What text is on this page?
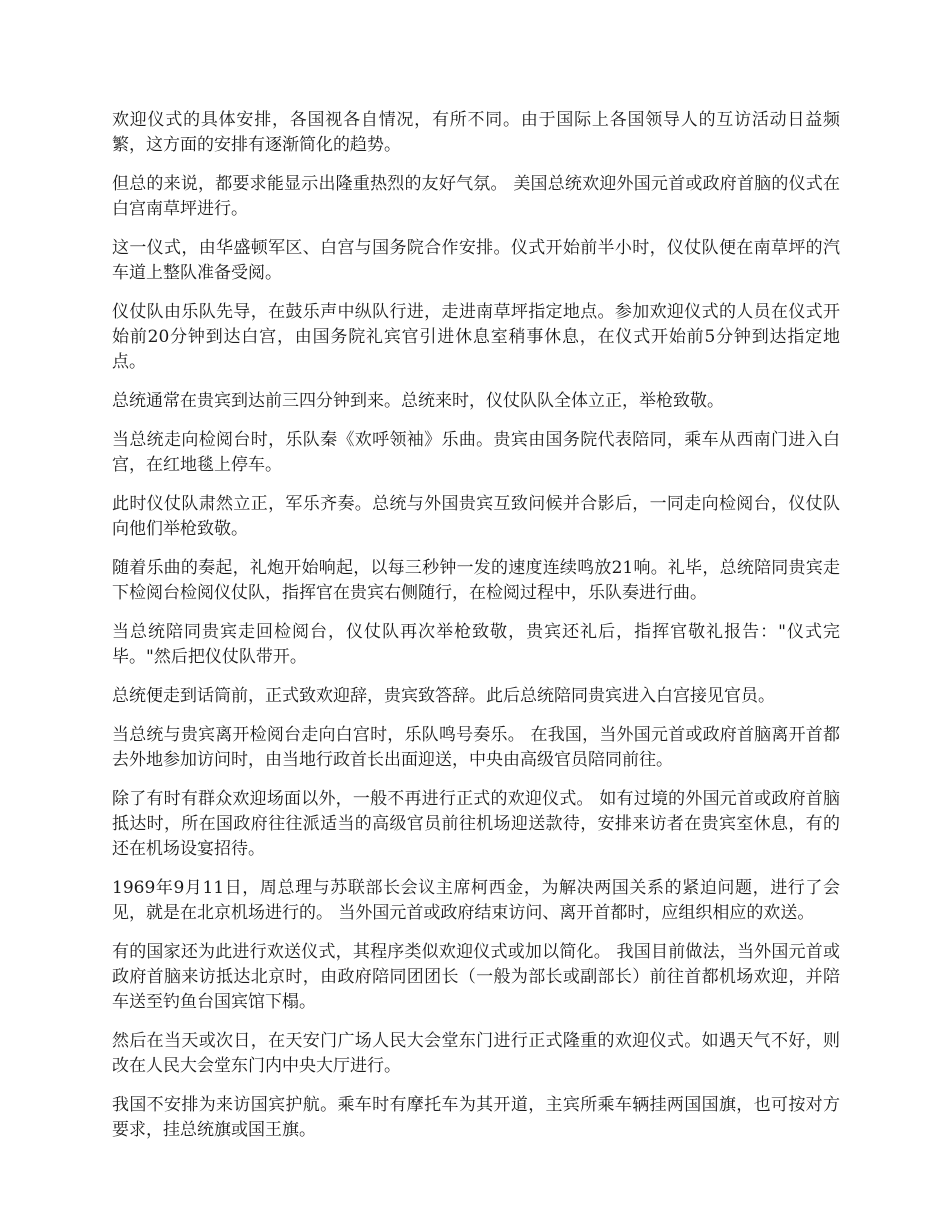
欢迎仪式的具体安排，各国视各自情况，有所不同。由于国际上各国领导人的互访活动日益频繁，这方面的安排有逐渐简化的趋势。

但总的来说，都要求能显示出隆重热烈的友好气氛。 美国总统欢迎外国元首或政府首脑的仪式在白宫南草坪进行。

这一仪式，由华盛顿军区、白宫与国务院合作安排。仪式开始前半小时，仪仗队便在南草坪的汽车道上整队准备受阅。

仪仗队由乐队先导，在鼓乐声中纵队行进，走进南草坪指定地点。参加欢迎仪式的人员在仪式开始前20分钟到达白宫，由国务院礼宾官引进休息室稍事休息，在仪式开始前5分钟到达指定地点。

总统通常在贵宾到达前三四分钟到来。总统来时，仪仗队队全体立正，举枪致敬。

当总统走向检阅台时，乐队秦《欢呼领袖》乐曲。贵宾由国务院代表陪同，乘车从西南门进入白宫，在红地毯上停车。

此时仪仗队肃然立正，军乐齐奏。总统与外国贵宾互致问候并合影后，一同走向检阅台，仪仗队向他们举枪致敬。

随着乐曲的奏起，礼炮开始响起，以每三秒钟一发的速度连续鸣放21响。礼毕，总统陪同贵宾走下检阅台检阅仪仗队，指挥官在贵宾右侧随行，在检阅过程中，乐队奏进行曲。

当总统陪同贵宾走回检阅台，仪仗队再次举枪致敬，贵宾还礼后，指挥官敬礼报告："仪式完毕。"然后把仪仗队带开。

总统便走到话筒前，正式致欢迎辞，贵宾致答辞。此后总统陪同贵宾进入白宫接见官员。

当总统与贵宾离开检阅台走向白宫时，乐队鸣号奏乐。 在我国，当外国元首或政府首脑离开首都去外地参加访问时，由当地行政首长出面迎送，中央由高级官员陪同前往。

除了有时有群众欢迎场面以外，一般不再进行正式的欢迎仪式。 如有过境的外国元首或政府首脑抵达时，所在国政府往往派适当的高级官员前往机场迎送款待，安排来访者在贵宾室休息，有的还在机场设宴招待。

1969年9月11日，周总理与苏联部长会议主席柯西金，为解决两国关系的紧迫问题，进行了会见，就是在北京机场进行的。 当外国元首或政府结束访问、离开首都时，应组织相应的欢送。

有的国家还为此进行欢送仪式，其程序类似欢迎仪式或加以简化。 我国目前做法，当外国元首或政府首脑来访抵达北京时，由政府陪同团团长（一般为部长或副部长）前往首都机场欢迎，并陪车送至钓鱼台国宾馆下榻。

然后在当天或次日，在天安门广场人民大会堂东门进行正式隆重的欢迎仪式。如遇天气不好，则改在人民大会堂东门内中央大厅进行。

我国不安排为来访国宾护航。乘车时有摩托车为其开道，主宾所乘车辆挂两国国旗，也可按对方要求，挂总统旗或国王旗。
